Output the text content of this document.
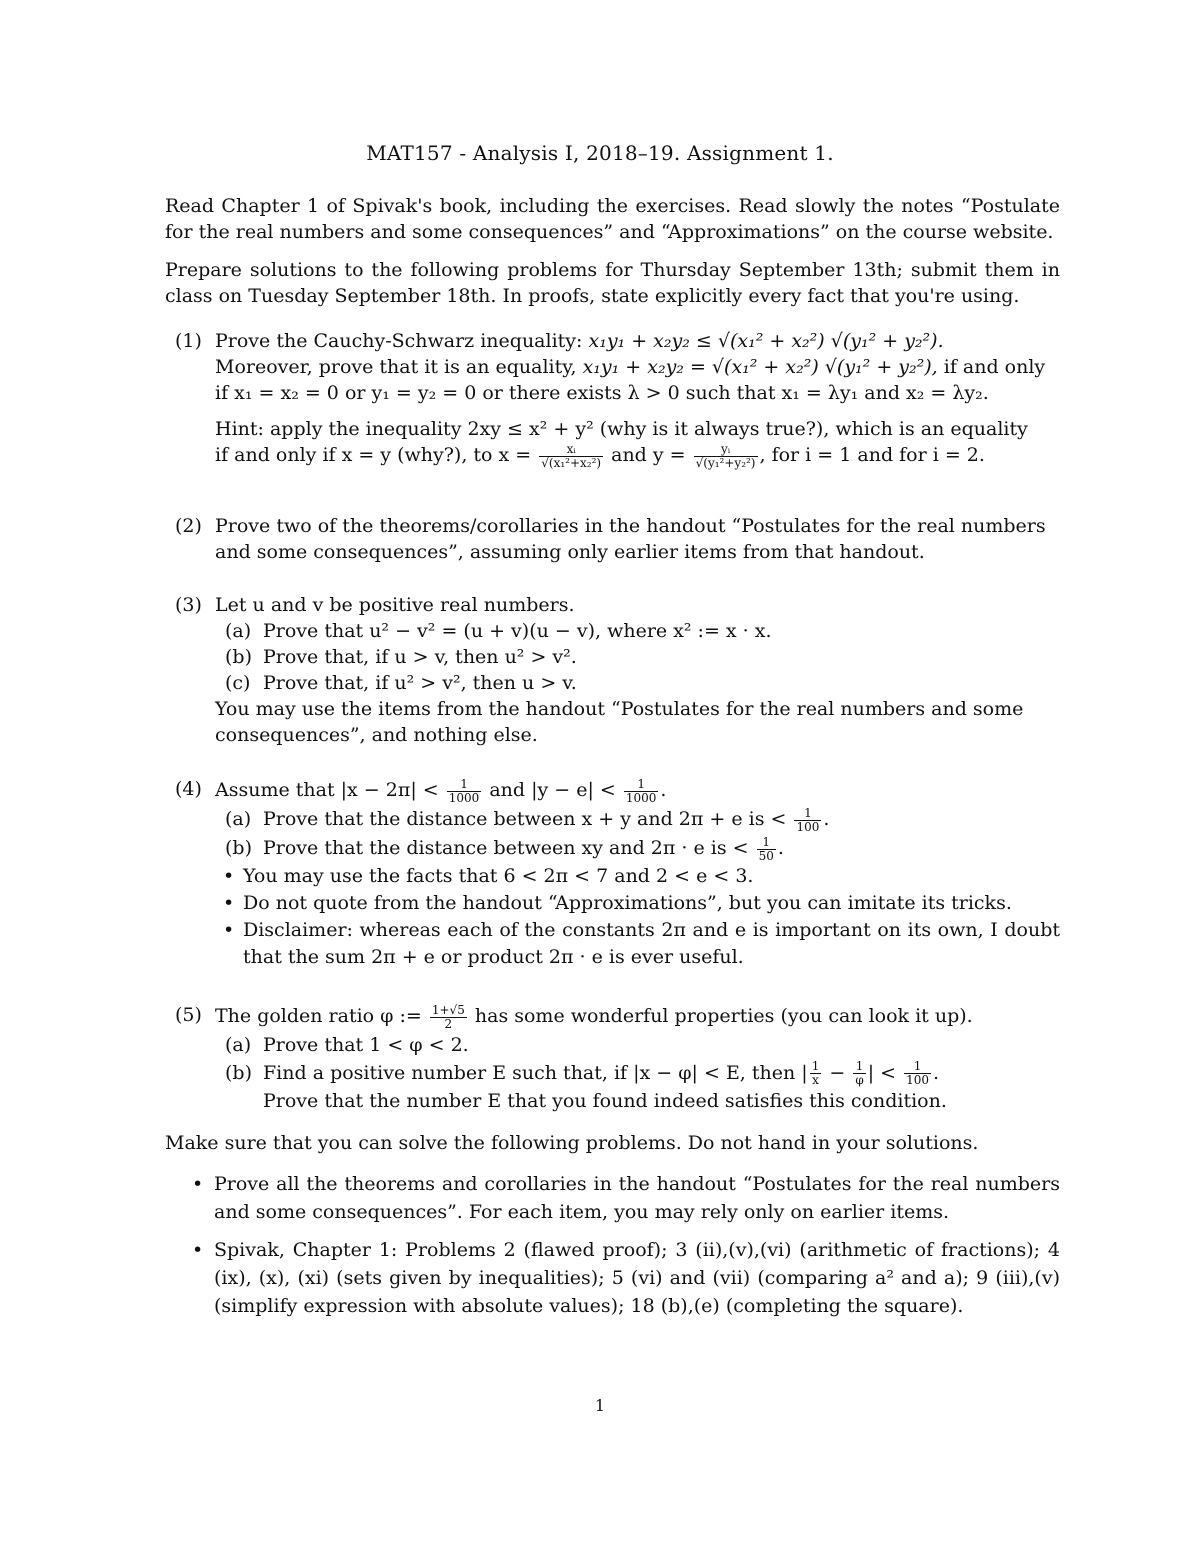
MAT157 - Analysis I, 2018–19. Assignment 1.
Read Chapter 1 of Spivak's book, including the exercises. Read slowly the notes “Postulate for the real numbers and some consequences” and “Approximations” on the course website.
Prepare solutions to the following problems for Thursday September 13th; submit them in class on Tuesday September 18th. In proofs, state explicitly every fact that you're using.
(1) Prove the Cauchy-Schwarz inequality: x₁y₁ + x₂y₂ ≤ √(x₁² + x₂²) √(y₁² + y₂²).
Moreover, prove that it is an equality, x₁y₁ + x₂y₂ = √(x₁² + x₂²) √(y₁² + y₂²), if and only
if x₁ = x₂ = 0 or y₁ = y₂ = 0 or there exists λ > 0 such that x₁ = λy₁ and x₂ = λy₂.
Hint: apply the inequality 2xy ≤ x² + y² (why is it always true?), which is an equality
if and only if x = y (why?), to $x = \frac{\text{xᵢ}}{\text{√(x₁²+x₂²)}}$ and $y = \frac{\text{yᵢ}}{\text{√(y₁²+y₂²)}}$ , for i = 1 and for i = 2.
(2) Prove two of the theorems/corollaries in the handout “Postulates for the real numbers and some consequences”, assuming only earlier items from that handout.
(3) Let u and v be positive real numbers.
(a) Prove that u² − v² = (u + v)(u − v), where x² := x · x.
(b) Prove that, if u > v, then u² > v².
(c) Prove that, if u² > v², then u > v.
You may use the items from the handout “Postulates for the real numbers and some consequences”, and nothing else.
(4) Assume that $|x - 2\pi| < \frac{1}{1000}$ and $|y - e| < \frac{1}{1000}$ .
(a) Prove that the distance between x + y and 2π + e is < $\frac{1}{100}$ .
(b) Prove that the distance between xy and 2π · e is < $\frac{1}{50}$ .
• You may use the facts that 6 < 2π < 7 and 2 < e < 3.
• Do not quote from the handout “Approximations”, but you can imitate its tricks.
• Disclaimer: whereas each of the constants 2π and e is important on its own, I doubt that the sum 2π + e or product 2π · e is ever useful.
(5) The golden ratio φ := $\frac{1+√5}{2}$ has some wonderful properties (you can look it up).
(a) Prove that 1 < φ < 2.
(b) Find a positive number E such that, if |x − φ| < E, then | $\frac{1}{x} - \frac{1}{\varphi}$ | < $\frac{1}{100}$ .
Prove that the number E that you found indeed satisfies this condition.
Make sure that you can solve the following problems. Do not hand in your solutions.
• Prove all the theorems and corollaries in the handout “Postulates for the real numbers and some consequences”. For each item, you may rely only on earlier items.
• Spivak, Chapter 1: Problems 2 (flawed proof); 3 (ii),(v),(vi) (arithmetic of fractions); 4 (ix), (x), (xi) (sets given by inequalities); 5 (vi) and (vii) (comparing a² and a); 9 (iii),(v) (simplify expression with absolute values); 18 (b),(e) (completing the square).
1
